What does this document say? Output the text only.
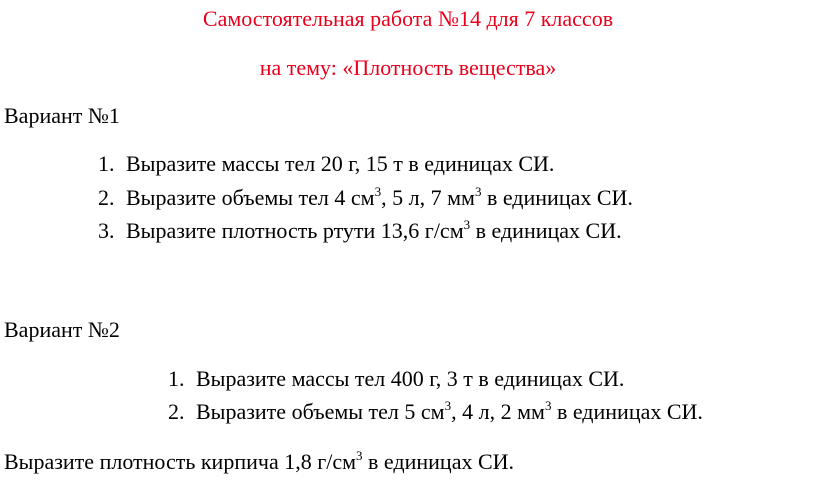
Самостоятельная работа №14 для 7 классов
на тему: «Плотность вещества»
Вариант №1
1. Выразите массы тел 20 г, 15 т в единицах СИ.
2. Выразите объемы тел 4 $см^3$, 5 л, 7 $мм^3$ в единицах СИ.
3. Выразите плотность ртути 13,6 $г/см^3$ в единицах СИ.
Вариант №2
1. Выразите массы тел 400 г, 3 т в единицах СИ.
2. Выразите объемы тел 5 $см^3$, 4 л, 2 $мм^3$ в единицах СИ.
Выразите плотность кирпича 1,8 $г/см^3$ в единицах СИ.
